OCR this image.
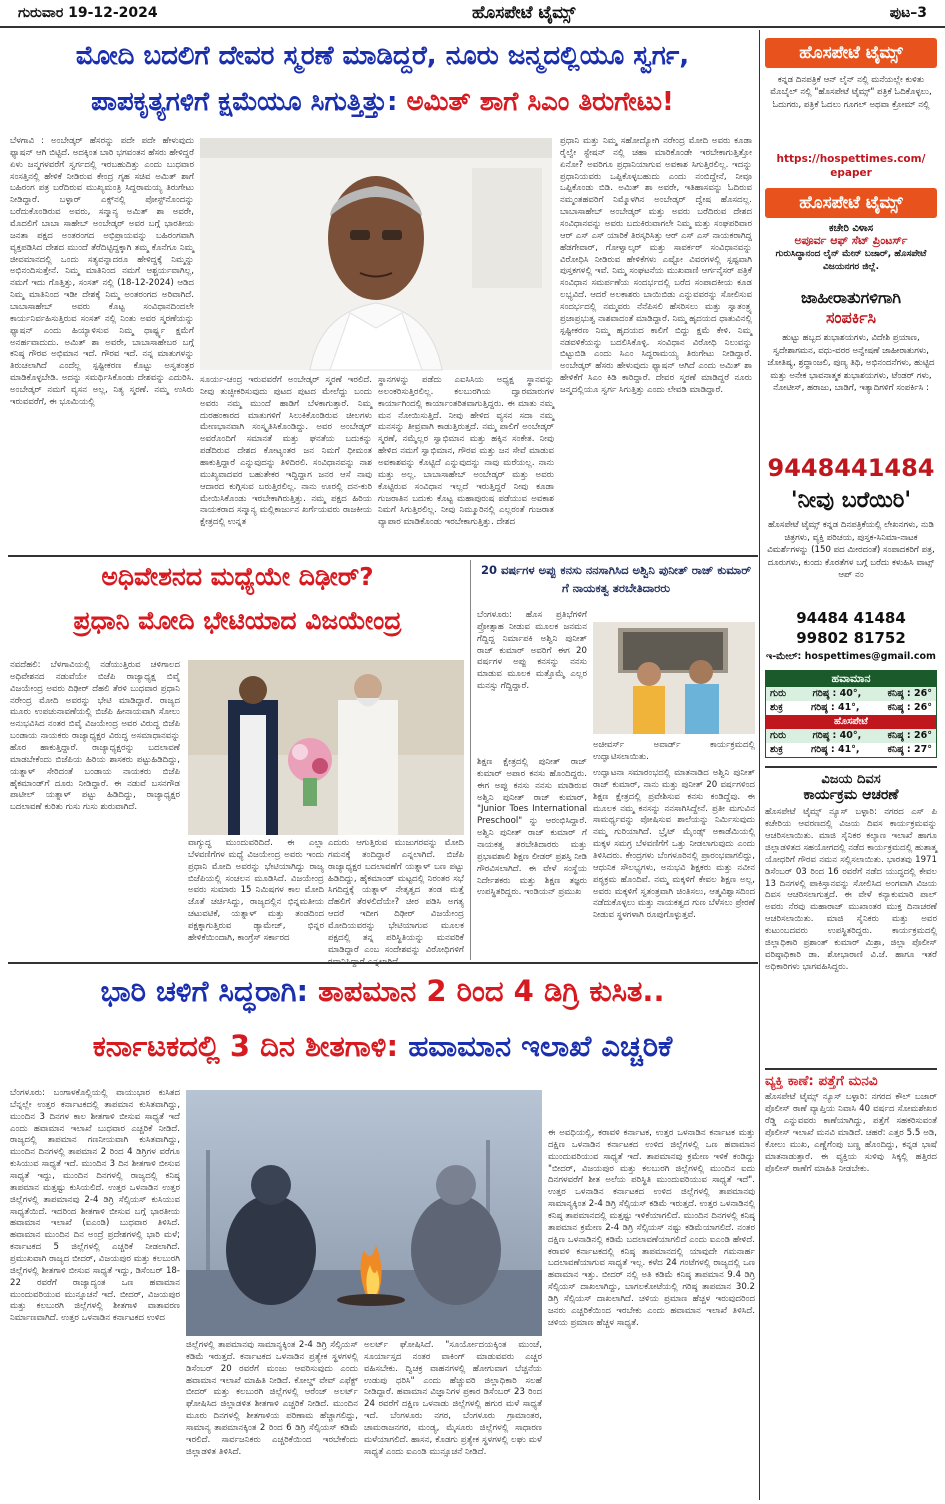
ಗುರುವಾರ 19-12-2024	ಹೊಸಪೇಟೆ ಟೈಮ್ಸ್	ಪುಟ–3
ಮೋದಿ ಬದಲಿಗೆ ದೇವರ ಸ್ಮರಣೆ ಮಾಡಿದ್ದರೆ, ನೂರು ಜನ್ಮದಲ್ಲಿಯೂ ಸ್ವರ್ಗ,
ಪಾಪಕೃತ್ಯಗಳಿಗೆ ಕ್ಷಮೆಯೂ ಸಿಗುತ್ತಿತ್ತು: ಅಮಿತ್ ಶಾಗೆ ಸಿಎಂ ತಿರುಗೇಟು!
ಬೆಳಗಾವಿ : ಅಂಬೇಡ್ಕರ್ ಹೆಸರನ್ನು ಪದೇ ಪದೇ ಹೇಳುವುದು ಫ್ಯಾಷನ್ ಆಗಿ ಬಿಟ್ಟಿದೆ. ಅದಕ್ಕಿಂತ ಬಾರಿ ಭಗವಂತನ ಹೆಸರು ಹೇಳಿದ್ದರೆ ಏಳು ಜನ್ಮಗಳವರೆಗೆ ಸ್ವರ್ಗದಲ್ಲಿ ಇರಬಹುದಿತ್ತು ಎಂದು ಬುಧವಾರ ಸಂಸತ್ತಿನಲ್ಲಿ ಹೇಳಿಕೆ ನೀಡಿರುವ ಕೇಂದ್ರ ಗೃಹ ಸಚಿವ ಅಮಿತ್ ಶಾಗೆ ಬಹಿರಂಗ ಪತ್ರ ಬರೆದಿರುವ ಮುಖ್ಯಮಂತ್ರಿ ಸಿದ್ದರಾಮಯ್ಯ ತಿರುಗೇಟು ನೀಡಿದ್ದಾರೆ. ಬಳ್ಳಾರ್ ಎಕ್ಸ್‌ನಲ್ಲಿ ಪೋಸ್ಟ್‌ನೊಂದನ್ನು ಬರೆದುಕೊಂಡಿರುವ ಅವರು, ಸನ್ಮಾನ್ಯ ಅಮಿತ್ ಶಾ ಅವರೇ, ಮೊದಲಿಗೆ ಬಾಬಾ ಸಾಹೇಬ್ ಅಂಬೇಡ್ಕರ್ ಅವರ ಬಗ್ಗೆ ಭಾರತೀಯ ಜನತಾ ಪಕ್ಷದ ಅಂತರಂಗದ ಅಭಿಪ್ರಾಯವನ್ನು ಬಹಿರಂಗವಾಗಿ ವ್ಯಕ್ತಪಡಿಸಿದ ದೇಶದ ಮುಂದೆ ತೆರೆದಿಟ್ಟಿದ್ದಕ್ಕಾಗಿ ತಮ್ಮ ಕೊನೆಗೂ ನಿಮ್ಮ ಜೀವಮಾನದಲ್ಲಿ ಒಂದು ಸತ್ಯವನ್ನಾದರೂ ಹೇಳಿದ್ದಕ್ಕೆ ನಿಮ್ಮನ್ನು ಅಭಿನಂದಿಸುತ್ತೇನೆ. ನಿಮ್ಮ ಮಾತಿನಿಂದ ನಮಗೆ ಆಶ್ಚರ್ಯವಾಗಿಲ್ಲ, ನಮಗೆ ಇದು ಗೊತ್ತಿತ್ತು, ಸಂಸತ್ ನಲ್ಲಿ (18-12-2024) ಆಡಿದ ನಿಮ್ಮ ಮಾತಿನಿಂದ ಇಡೀ ದೇಶಕ್ಕೆ ನಿಮ್ಮ ಅಂತರಂಗದ ಅರಿವಾಗಿದೆ. ಬಾಬಾಸಾಹೇಬ್ ಅವರು ಕೊಟ್ಟ ಸಂವಿಧಾನದಿಂದಲೇ ಕಾರ್ಯನಿರ್ವಹಿಸುತ್ತಿರುವ ಸಂಸತ್ ನಲ್ಲಿ ನಿಂತು ಅವರ ಸ್ಮರಣೆಯನ್ನು ಫ್ಯಾಷನ್ ಎಂದು ಹಿಯ್ಯಾಳಿಸುವ ನಿಮ್ಮ ಧಾರ್ಷ್ಟ್ಯ ಕ್ಷಮೆಗೆ ಅನರ್ಹವಾದುದು. ಅಮಿತ್ ಶಾ ಅವರೇ, ಬಾಬಾಸಾಹೇಬರ ಬಗ್ಗೆ ಕನಿಷ್ಠ ಗೌರವ ಅಭಿಮಾನ ಇದೆ. ಗೌರವ ಇದೆ. ನನ್ನ ಮಾತುಗಳನ್ನು ತಿರುಚಲಾಗಿದೆ ಎಂದೆಲ್ಲ ಸ್ಪಷ್ಟೀಕರಣ ಕೊಟ್ಟು ಅಸ್ವತಂತ್ರರ ಮಾಡಿಕೊಳ್ಳಬೇಡಿ. ಅದನ್ನು ಸಮರ್ಥಿಸಿಕೊಂಡು ದೇಶವನ್ನು ಎದುರಿಸಿ. ಅಂಬೇಡ್ಕರ್ ನಮಗೆ ವ್ಯಸನ ಅಲ್ಲ, ನಿತ್ಯ ಸ್ಮರಣೆ. ನಮ್ಮ ಉಸಿರು ಇರುವವರೆಗೆ, ಈ ಭೂಮಿಯಲ್ಲಿ
ಸೂರ್ಯ-ಚಂದ್ರ ಇರುವವರೆಗೆ ಅಂಬೇಡ್ಕರ್ ಸ್ಮರಣೆ ಇರಲಿದೆ. ನೀವು ತುಚ್ಛೀಕರಿಸುವುದು ಪುಟದ ಪುಟದ ಮೇಲೆದ್ದು ಬಂದು ಅವರು ನಮ್ಮ ಮುಂದೆ ಹಾಡಿಗೆ ಬೆಳಕಾಗುತ್ತಾರೆ. ನಿಮ್ಮ ದುರಹಂಕಾರದ ಮಾತುಗಳಿಗೆ ಸಿಲುಕಿಕೊಂಡಿರುವ ಚೀಲಗಳು ಮೇಣಭಾನವಾಗಿ ಸಂಸ್ಕೃತಿಸಿಕೊಂಡಿದ್ದು. ಅವರ ಅಂಬೇಡ್ಕರ್ ಅವರೊಂದಿಗೆ ಸಮಾನತೆ ಮತ್ತು ಘನತೆಯ ಬದುಕನ್ನು ಪಡೆದಿರುವ ದೇಶದ ಕೋಟ್ಯಂತರ ಜನ ನಿಮಗೆ ಧೀಮಂತ ಹಾಕುತ್ತಿದ್ದಾರೆ ಎನ್ನುವುದನ್ನು ತಿಳಿದಿರಲಿ. ಸಂವಿಧಾನವನ್ನು ನಾಶ ಮುಖ್ಯವಾದವರ ಬಹುತೇಕರ ಇದ್ದಿದ್ದಾಗ ಜನರ ಆಸೆ ನಾವು ಆದಾರದ ಕುಗ್ಗಿಸುವ ಬರುತ್ತಿರಲಿಲ್ಲ. ನಾನು ಊರಲ್ಲಿ ದನ-ಕುರಿ ಮೇಯಿಸಿಕೊಂಡು ಇರಬೇಕಾಗಿರುತ್ತಿತ್ತು. ನಮ್ಮ ಪಕ್ಷದ ಹಿರಿಯ ನಾಯಕರಾದ ಸನ್ಮಾನ್ಯ ಮಲ್ಲಿಕಾರ್ಜುನ ಖರ್ಗೆಯವರು ರಾಜಕೀಯ ಕ್ಷೇತ್ರದಲ್ಲಿ ಉನ್ನತ
ಸ್ಥಾನಗಳನ್ನು ಪಡೆದು ಎಐಸಿಸಿಯ ಅಧ್ಯಕ್ಷ ಸ್ಥಾನವನ್ನು ಅಲಂಕರಿಸುತ್ತಿರಲಿಲ್ಲ. ಕಲಬುರಗಿಯ ದ್ವಾರಮಾರುಗಳ ಕಾರ್ಯಾಗಿಂದಲ್ಲಿ ಕಾರ್ಯಾಂತರಿತವಾಗುತ್ತಿದ್ದರು. ಈ ಮಾತು ನಮ್ಮ ಮನ ನೋಯಿಸುತ್ತಿದೆ. ನೀವು ಹೇಳಿದ ವ್ಯಸನ ಸದಾ ನಮ್ಮ ಮನಸನ್ನು ತೀವ್ರವಾಗಿ ಕಾಡುತ್ತಿರುತ್ತದೆ. ನಮ್ಮ ಪಾಲಿಗೆ ಅಂಬೇಡ್ಕರ್ ಸ್ಮರಣೆ, ನಮ್ಮೆಲ್ಲರ ಸ್ವಾಭಿಮಾನ ಮತ್ತು ಹಕ್ಕಿನ ಸಂಕೇತ. ನೀವು ಹೇಳಿದ ನಮಗೆ ಸ್ವಾಭಿಮಾನ, ಗೌರವ ಮತ್ತು ಜನ ಸೇವೆ ಮಾಡುವ ಅವಕಾಶವನ್ನು ಕೊಟ್ಟಿದೆ ಎನ್ನುವುದನ್ನು ನಾವು ಮರೆಯಲ್ಲ. ನಾನು ಮತ್ತು ಅಲ್ಲ. ಬಾಬಾಸಾಹೇಬ್ ಅಂಬೇಡ್ಕರ್ ಮತ್ತು ಅವರು ಕೊಟ್ಟಿರುವ ಸಂವಿಧಾನ ಇಲ್ಲದೆ ಇರುತ್ತಿದ್ದರೆ ನೀವು ಕೂಡಾ ಗುಜರಾತಿನ ಬದುಕು ಕೊಟ್ಟ ಮಹಾಪುರುಷ ಪಡೆಯುವ ಅವಕಾಶ ನಿಮಗೆ ಸಿಗುತ್ತಿರಲಿಲ್ಲ. ನೀವು ನಿಮ್ಮೂರಿನಲ್ಲಿ ಎಲ್ಲರಂತೆ ಗುಜರಾತ ವ್ಯಾಪಾರ ಮಾಡಿಕೊಂಡು ಇರಬೇಕಾಗುತ್ತಿತ್ತು. ದೇಶದ
ಪ್ರಧಾನಿ ಮತ್ತು ನಿಮ್ಮ ಸಹೋದ್ಯೋಗಿ ನರೇಂದ್ರ ಮೋದಿ ಅವರು ಕೂಡಾ ರೈಲ್ವೇ ಸ್ಟೇಷನ್ ನಲ್ಲಿ ಚಹಾ ಮಾರಿಕೊಂಡೇ ಇರಬೇಕಾಗುತ್ತಿತ್ತೋ ಏನೋ? ಅವರಿಗೂ ಪ್ರಧಾನಿಯಾಗುವ ಅವಕಾಶ ಸಿಗುತ್ತಿರಲಿಲ್ಲ. ಇದನ್ನು ಪ್ರಧಾನಿಯವರು ಒಪ್ಪಿಕೊಳ್ಳಬಹುದು ಎಂದು ನಂಬಿದ್ದೇನೆ, ನೀವೂ ಒಪ್ಪಿಕೊಂಡು ಬಿಡಿ. ಅಮಿತ್ ಶಾ ಅವರೇ, ಇತಿಹಾಸವನ್ನು ಓದಿರುವ ನಮ್ಮಂತಹವರಿಗೆ ನಿಮ್ಮೊಳಗಿನ ಅಂಬೇಡ್ಕರ್ ದ್ವೇಷ ಹೊಸದಲ್ಲ. ಬಾಬಾಸಾಹೇಬ್ ಅಂಬೇಡ್ಕರ್ ಮತ್ತು ಅವರು ಬರೆದಿರುವ ದೇಶದ ಸಂವಿಧಾನವನ್ನು ಅವರು ಬದುಕಿರುವಾಗಲೇ ನಿಮ್ಮ ಮತ್ತು ಸಂಘಪರಿವಾರ ಆರ್ ಎಸ್ ಎಸ್ ಯಾರಿಕೆ ತಿರಸ್ಕರಿಸಿತ್ತು ಆರ್ ಎಸ್ ಎಸ್ ನಾಯಕರಾಗಿದ್ದ ಹೆಡಗೇವಾರ್, ಗೋಳ್ವಾಲ್ಕರ್ ಮತ್ತು ಸಾವರ್ಕರ್ ಸಂವಿಧಾನವನ್ನು ವಿರೋಧಿಸಿ ನೀಡಿರುವ ಹೇಳಿಕೆಗಳು ಎಷ್ಟೋ ವಿವರಗಳಲ್ಲಿ ಸ್ಪಷ್ಟವಾಗಿ ಪುಸ್ತಕಗಳಲ್ಲಿ ಇವೆ. ನಿಮ್ಮ ಸಂಘಟನೆಯ ಮುಖವಾಣಿ ಆರ್ಗನೈಸರ್ ಪತ್ರಿಕೆ ಸಂವಿಧಾನ ಸಮರ್ಪಣೆಯ ಸಂದರ್ಭದಲ್ಲಿ ಬರೆದ ಸಂಪಾದಕೀಯ ಕೂಡ ಲಭ್ಯವಿದೆ. ಆದರೆ ಅಲಕಾಶರು ಬಾಯಿಬಿಡು ಎನ್ನುವವರನ್ನು ಸೋಲಿಸುವ ಸಂದರ್ಭದಲ್ಲಿ ನಮ್ಮವರು ನೆನೆಪಿಸಲಿ ಹೆಸರಿಸಲು ಮತ್ತು ಸ್ವಾತಂತ್ರ್ಯ ಪ್ರಜಾಪ್ರಭುತ್ವ ನಾಶವಾದಂತೆ ಮಾಡಿದ್ದಾರೆ. ನಿಮ್ಮ ಹೃದಯದ ಧಾತುವಿನಲ್ಲಿ ಸ್ಪಷ್ಟೀಕರಣ ನಿಮ್ಮ ಹೃದಯದ ಕಾಲಿಗೆ ಬಿದ್ದು ಕ್ಷಮೆ ಕೇಳಿ. ನಿಮ್ಮ ನಡವಳಿಕೆಯನ್ನು ಬದಲಿಸಿಕೊಳ್ಳಿ. ಸಂವಿಧಾನ ವಿರೋಧಿ ನಿಲುವನ್ನು ಬಿಟ್ಟುಬಿಡಿ ಎಂದು ಸಿಎಂ ಸಿದ್ದರಾಮಯ್ಯ ತಿರುಗೇಟು ನೀಡಿದ್ದಾರೆ. ಅಂಬೇಡ್ಕರ್ ಹೆಸರು ಹೇಳುವುದು ಫ್ಯಾಷನ್ ಆಗಿದೆ ಎಂದು ಅಮಿತ್ ಶಾ ಹೇಳಿಕೆಗೆ ಸಿಎಂ ಕಿಡಿ ಕಾರಿದ್ದಾರೆ. ದೇವರ ಸ್ಮರಣೆ ಮಾಡಿದ್ದರೆ ನೂರು ಜನ್ಮದಲ್ಲಿಯೂ ಸ್ವರ್ಗ ಸಿಗುತ್ತಿತ್ತು ಎಂದು ಲೇವಡಿ ಮಾಡಿದ್ದಾರೆ.
ಅಧಿವೇಶನದ ಮಧ್ಯೆಯೇ ದಿಢೀರ್?
ಪ್ರಧಾನಿ ಮೋದಿ ಭೇಟಿಯಾದ ವಿಜಯೇಂದ್ರ
ನವದೆಹಲಿ: ಬೆಳಗಾವಿಯಲ್ಲಿ ನಡೆಯುತ್ತಿರುವ ಚಳಿಗಾಲದ ಅಧಿವೇಶನದ ನಡುವೆಯೇ ಬಿಜೆಪಿ ರಾಜ್ಯಾಧ್ಯಕ್ಷ ಬಿವೈ ವಿಜಯೇಂದ್ರ ಅವರು ದಿಢೀರ್ ದೆಹಲಿ ತೆರಳಿ ಬುಧವಾರ ಪ್ರಧಾನಿ ನರೇಂದ್ರ ಮೋದಿ ಅವರನ್ನು ಭೇಟಿ ಮಾಡಿದ್ದಾರೆ. ರಾಜ್ಯದ ಮೂರು ಉಪಚುನಾವಣೆಯಲ್ಲಿ ಬಿಜೆಪಿ ಹೀನಾಯವಾಗಿ ಸೋಲು ಅನುಭವಿಸಿದ ನಂತರ ಬಿವೈ ವಿಜಯೇಂದ್ರ ಅವರ ವಿರುದ್ಧ ಬಿಜೆಪಿ ಬಂಡಾಯ ನಾಯಕರು ರಾಜ್ಯಾಧ್ಯಕ್ಷರ ವಿರುದ್ಧ ಅಸಮಾಧಾನವನ್ನು ಹೊರ ಹಾಕುತ್ತಿದ್ದಾರೆ. ರಾಜ್ಯಾಧ್ಯಕ್ಷರನ್ನು ಬದಲಾವಣೆ ಮಾಡಬೇಕೆಂದು ಬಿಜೆಪಿಯ ಹಿರಿಯ ಶಾಸಕರು ಪಟ್ಟುಹಿಡಿದಿದ್ದು, ಯತ್ನಾಳ್ ಸೇರಿದಂತೆ ಬಂಡಾಯ ನಾಯಕರು ಬಿಜೆಪಿ ಹೈಕಮಾಂಡ್‌ಗೆ ದೂರು ನೀಡಿದ್ದಾರೆ. ಈ ನಡುವೆ ಬಸನಗೌಡ ಪಾಟೀಲ್ ಯತ್ನಾಳ್ ಪಟ್ಟು ಹಿಡಿದಿದ್ದು, ರಾಜ್ಯಾಧ್ಯಕ್ಷರ ಬದಲಾವಣೆ ಕುರಿತು ಗುಸು ಗುಸು ಶುರುವಾಗಿದೆ.
ವಾಗ್ಯುದ್ಧ ಮುಂದುವರಿದಿದೆ. ಈ ಎಲ್ಲಾ ಬೆಳವಣಿಗೆಗಳ ಮಧ್ಯೆ ವಿಜಯೇಂದ್ರ ಅವರು ಇಂದು ಪ್ರಧಾನಿ ಮೋದಿ ಅವರನ್ನು ಭೇಟಿಯಾಗಿದ್ದು ರಾಜ್ಯ ಬಿಜೆಪಿಯಲ್ಲಿ ಸಂಚಲನ ಮೂಡಿಸಿದೆ. ವಿಜಯೇಂದ್ರ ಅವರು ಸುಮಾರು 15 ನಿಮಿಷಗಳ ಕಾಲ ಮೋದಿ ಜೊತೆ ಚರ್ಚಿಸಿದ್ದು, ರಾಜ್ಯದಲ್ಲಿನ ಭಿನ್ನಮತೀಯ ಚಟುವಟಿಕೆ, ಯತ್ನಾಳ್ ಮತ್ತು ತಂಡದಿಂದ ಪಕ್ಷಕ್ಕಾಗುತ್ತಿರುವ ಡ್ಯಾಮೇಜ್, ಭಿನ್ನರ ಹೇಳಿಕೆಯಿಂದಾಗಿ, ಕಾಂಗ್ರೆಸ್ ಸರ್ಕಾರದ
ಎದುರು ಆಗುತ್ತಿರುವ ಮುಜುಗರವನ್ನು ಮೋದಿ ಗಮನಕ್ಕೆ ತಂದಿದ್ದಾರೆ ಎನ್ನಲಾಗಿದೆ. ಬಿಜೆಪಿ ರಾಜ್ಯಾಧ್ಯಕ್ಷರ ಬದಲಾವಣೆಗೆ ಯತ್ನಾಳ್ ಬಣ ಪಟ್ಟು ಹಿಡಿದಿದ್ದು, ಹೈಕಮಾಂಡ್ ಮಟ್ಟದಲ್ಲಿ ನಿರಂತರ ಸಭೆ ಸಿಗದಿದ್ದಕ್ಕೆ ಯತ್ನಾಳ್ ನೇತೃತ್ವದ ತಂಡ ಮತ್ತೆ ದೆಹಲಿಗೆ ತೆರಳಲಿದೆಯೇ? ಚೀರ ಪಡಿಸಿ ಅಗತ್ಯ ಆದರೆ ಇದೀಗ ದಿಢೀರ್ ವಿಜಯೇಂದ್ರ ಮೋದಿಯವರನ್ನು ಭೇಟಿಯಾಗುವ ಮೂಲಕ ಪಕ್ಷದಲ್ಲಿ ತನ್ನ ಪರಿಸ್ಥಿತಿಯನ್ನು ಮನವರಿಕೆ ಮಾಡಿದ್ದಾರೆ ಎಂಬ ಸಂದೇಶವನ್ನು ವಿರೋಧಿಗಳಿಗೆ
20 ವರ್ಷಗಳ ಅಪ್ಪು ಕನಸು ನನಸಾಗಿಸಿದ ಅಶ್ವಿನಿ ಪುನೀತ್ ರಾಜ್ ಕುಮಾರ್ ಗೆ ನಾಯಕತ್ವ ತರಬೇತಿದಾರರು
ಬೆಂಗಳೂರು: ಹೊಸ ಪ್ರತಿಭೆಗಳಿಗೆ ಪ್ರೋತ್ಸಾಹ ನೀಡುವ ಮೂಲಕ ಜನಮನ ಗೆದ್ದಿದ್ದ ನಿರ್ಮಾಪಕಿ ಅಶ್ವಿನಿ ಪುನೀತ್ ರಾಜ್ ಕುಮಾರ್ ಅವರಿಗೆ ಈಗ 20 ವರ್ಷಗಳ ಅಪ್ಪು ಕನಸನ್ನು ನನಸು ಮಾಡುವ ಮೂಲಕ ಮತ್ತೊಮ್ಮೆ ಎಲ್ಲರ ಮನಸ್ಸು ಗೆದ್ದಿದ್ದಾರೆ.
ಶಿಕ್ಷಣ ಕ್ಷೇತ್ರದಲ್ಲಿ ಪುನೀತ್ ರಾಜ್ ಕುಮಾರ್ ಅಪಾರ ಕನಸು ಹೊಂದಿದ್ದರು. ಈಗ ಅಪ್ಪು ಕನಸು ನನಸು ಮಾಡಿರುವ ಅಶ್ವಿನಿ ಪುನೀತ್ ರಾಜ್ ಕುಮಾರ್, "Junior Toes International Preschool" ನ್ನು ಆರಂಭಿಸಿದ್ದಾರೆ. ಅಶ್ವಿನಿ ಪುನೀತ್ ರಾಜ್ ಕುಮಾರ್ ಗೆ ನಾಯಕತ್ವ ತರಬೇತಿದಾರರು ಮತ್ತು ಪ್ರಭಾವಶಾಲಿ ಶಿಕ್ಷಣ ಲೀಡರ್ ಪ್ರಶಸ್ತಿ ನೀಡಿ ಗೌರವಿಸಲಾಗಿದೆ. ಈ ವೇಳೆ ಸಂಸ್ಥೆಯ ನಿರ್ದೇಶಕರು ಮತ್ತು ಶಿಕ್ಷಣ ತಜ್ಞರು ಉಪಸ್ಥಿತರಿದ್ದರು. ಇಂಡಿಯನ್ ಪ್ರಮುಖ
ಅಚೀವರ್ಸ್ ಅವಾರ್ಡ್ ಕಾರ್ಯಕ್ರಮದಲ್ಲಿ ಉದ್ಘಾಟಿಸಲಾಯಿತು.
ಉದ್ಘಾಟನಾ ಸಮಾರಂಭದಲ್ಲಿ ಮಾತನಾಡಿದ ಅಶ್ವಿನಿ ಪುನೀತ್ ರಾಜ್ ಕುಮಾರ್, ನಾನು ಮತ್ತು ಪುನೀತ್ 20 ವರ್ಷಗಳಿಂದ ಶಿಕ್ಷಣ ಕ್ಷೇತ್ರದಲ್ಲಿ ಪ್ರವೇಶಿಸುವ ಕನಸು ಕಂಡಿದ್ದೆವು. ಈ ಮೂಲಕ ನಮ್ಮ ಕನಸನ್ನು ನನಸಾಗಿಸಿದ್ದೇನೆ. ಪ್ರತೀ ಮಗುವಿನ ಸಾಮರ್ಥ್ಯವನ್ನು ಪೋಷಿಸುವ ಶಾಲೆಯನ್ನು ನಿರ್ಮಿಸುವುದು ನಮ್ಮ ಗುರಿಯಾಗಿದೆ. ಬ್ರೈಟ್ ಮೈಂಡ್ಸ್ ಅಕಾಡೆಮಿಯಲ್ಲಿ ಮಕ್ಕಳ ಸಮಗ್ರ ಬೆಳವಣಿಗೆಗೆ ಒತ್ತು ನೀಡಲಾಗುವುದು ಎಂದು ತಿಳಿಸಿದರು. ಕೇಂದ್ರಗಳು ಬೆಂಗಳೂರಿನಲ್ಲಿ ಪ್ರಾರಂಭವಾಗಲಿದ್ದು, ಆಧುನಿಕ ಸೌಲಭ್ಯಗಳು, ಅನುಭವಿ ಶಿಕ್ಷಕರು ಮತ್ತು ನವೀನ ಪಠ್ಯಕ್ರಮ ಹೊಂದಿವೆ. ನಮ್ಮ ಮಕ್ಕಳಿಗೆ ಕೇವಲ ಶಿಕ್ಷಣ ಅಲ್ಲ, ಅವರು ಮಕ್ಕಳಿಗೆ ಸ್ವತಂತ್ರವಾಗಿ ಚಿಂತಿಸಲು, ಆತ್ಮವಿಶ್ವಾಸದಿಂದ ನಡೆದುಕೊಳ್ಳಲು ಮತ್ತು ನಾಯಕತ್ವದ ಗುಣ ಬೆಳೆಸಲು ಪ್ರೇರಣೆ ನೀಡುವ ಸ್ಥಳಗಳಾಗಿ ರೂಪುಗೊಳ್ಳುತ್ತವೆ.
ಭಾರಿ ಚಳಿಗೆ ಸಿದ್ಧರಾಗಿ: ತಾಪಮಾನ 2 ರಿಂದ 4 ಡಿಗ್ರಿ ಕುಸಿತ..
ಕರ್ನಾಟಕದಲ್ಲಿ 3 ದಿನ ಶೀತಗಾಳಿ: ಹವಾಮಾನ ಇಲಾಖೆ ಎಚ್ಚರಿಕೆ
ಬೆಂಗಳೂರು: ಬಂಗಾಳಕೊಲ್ಲಿಯಲ್ಲಿ ವಾಯುಭಾರ ಕುಸಿತದ ಬೆನ್ನಲ್ಲೇ ಉತ್ತರ ಕರ್ನಾಟಕದಲ್ಲಿ ತಾಪಮಾನ ಕುಸಿತವಾಗಿದ್ದು, ಮುಂದಿನ 3 ದಿನಗಳ ಕಾಲ ಶೀತಗಾಳಿ ಬೀಸುವ ಸಾಧ್ಯತೆ ಇದೆ ಎಂದು ಹವಾಮಾನ ಇಲಾಖೆ ಬುಧವಾರ ಎಚ್ಚರಿಕೆ ನೀಡಿದೆ. ರಾಜ್ಯದಲ್ಲಿ ತಾಪಮಾನ ಗಣನೀಯವಾಗಿ ಕುಸಿತವಾಗಿದ್ದು, ಮುಂದಿನ ದಿನಗಳಲ್ಲಿ ತಾಪಮಾನ 2 ರಿಂದ 4 ಡಿಗ್ರಿಗಳ ವರೆಗೂ ಕುಸಿಯುವ ಸಾಧ್ಯತೆ ಇದೆ. ಮುಂದಿನ 3 ದಿನ ಶೀತಗಾಳಿ ಬೀಸುವ ಸಾಧ್ಯತೆ ಇದ್ದು, ಮುಂದಿನ ದಿನಗಳಲ್ಲಿ ರಾಜ್ಯದಲ್ಲಿ ಕನಿಷ್ಠ ತಾಪಮಾನ ಮತ್ತಷ್ಟು ಕುಸಿಯಲಿದೆ. ಉತ್ತರ ಒಳನಾಡಿನ ಉತ್ತರ ಜಿಲ್ಲೆಗಳಲ್ಲಿ ತಾಪಮಾನವು 2-4 ಡಿಗ್ರಿ ಸೆಲ್ಸಿಯಸ್ ಕುಸಿಯುವ ಸಾಧ್ಯತೆಯಿದೆ. ಇದರಿಂದ ಶೀತಗಾಳಿ ಬೀಸುವ ಬಗ್ಗೆ ಭಾರತೀಯ ಹವಾಮಾನ ಇಲಾಖೆ (ಐಎಂಡಿ) ಬುಧವಾರ ತಿಳಿಸಿದೆ. ಹವಾಮಾನ ಮುಂದಿನ ದಿನ ಅಂದ್ರೆ ಪ್ರದೇಶಗಳಲ್ಲಿ ಭಾರಿ ಮಳೆ; ಕರ್ನಾಟಕದ 5 ಜಿಲ್ಲೆಗಳಲ್ಲಿ ಎಚ್ಚರಿಕೆ ನೀಡಲಾಗಿದೆ. ಪ್ರಮುಖವಾಗಿ ರಾಜ್ಯದ ಬೀದರ್, ವಿಜಯಪುರ ಮತ್ತು ಕಲಬುರಗಿ ಜಿಲ್ಲೆಗಳಲ್ಲಿ ಶೀತಗಾಳಿ ಬೀಸುವ ಸಾಧ್ಯತೆ ಇದ್ದು, ಡಿಸೆಂಬರ್ 18-22 ರವರೆಗೆ ರಾಜ್ಯಾದ್ಯಂತ ಒಣ ಹವಾಮಾನ ಮುಂದುವರಿಯುವ ಮುನ್ಸೂಚನೆ ಇದೆ. ಬೀದರ್, ವಿಜಯಪುರ ಮತ್ತು ಕಲಬುರಗಿ ಜಿಲ್ಲೆಗಳಲ್ಲಿ ಶೀತಗಾಳಿ ವಾತಾವರಣ ನಿರ್ಮಾಣವಾಗಿದೆ. ಉತ್ತರ ಒಳನಾಡಿನ ಕರ್ನಾಟಕದ ಉಳಿದ
ಜಿಲ್ಲೆಗಳಲ್ಲಿ ತಾಪಮಾನವು ಸಾಮಾನ್ಯಕ್ಕಿಂತ 2-4 ಡಿಗ್ರಿ ಸೆಲ್ಸಿಯಸ್ ಕಡಿಮೆ ಇರುತ್ತದೆ. ಕರ್ನಾಟಕದ ಒಳನಾಡಿನ ಪ್ರತ್ಯೇಕ ಸ್ಥಳಗಳಲ್ಲಿ ಡಿಸೆಂಬರ್ 20 ರವರೆಗೆ ಮಂಜು ಆವರಿಸುವುದು ಎಂದು ಹವಾಮಾನ ಇಲಾಖೆ ಮಾಹಿತಿ ನೀಡಿದೆ. ಕೋಲ್ಡ್ ವೇವ್ ಎಫೆಕ್ಟ್ ಬೀದರ್ ಮತ್ತು ಕಲಬುರಗಿ ಜಿಲ್ಲೆಗಳಲ್ಲಿ ಆರೆಂಜ್ ಅಲರ್ಟ್ ಘೋಷಿಸಿದ ಜಿಲ್ಲಾಡಳಿತ ಶೀತಗಾಳಿ ಎಚ್ಚರಿಕೆ ನೀಡಿದೆ. ಮುಂದಿನ ಮೂರು ದಿನಗಳಲ್ಲಿ ಶೀತಗಾಳಿಯ ಪರಿಣಾಮ ಹೆಚ್ಚಾಗಲಿದ್ದು, ಸಾಮಾನ್ಯ ತಾಪಮಾನಕ್ಕಿಂತ 2 ರಿಂದ 6 ಡಿಗ್ರಿ ಸೆಲ್ಸಿಯಸ್ ಕಡಿಮೆ ಇರಲಿದೆ. ಸಾರ್ವಜನಿಕರು ಎಚ್ಚರಿಕೆಯಿಂದ ಇರಬೇಕೆಂದು ಜಿಲ್ಲಾಡಳಿತ ತಿಳಿಸಿದೆ.
ಅಲರ್ಟ್ ಘೋಷಿಸಿದೆ. "ಸೂರ್ಯೋದಯಕ್ಕಿಂತ ಮುಂಚೆ, ಸೂರ್ಯಾಸ್ತದ ನಂತರ ವಾಕಿಂಗ್ ಮಾಡುವವರು ಎಚ್ಚರ ವಹಿಸಬೇಕು. ದ್ವಿಚಕ್ರ ವಾಹನಗಳಲ್ಲಿ ಹೋಗುವಾಗ ಬೆಚ್ಚನೆಯ ಉಡುಪು ಧರಿಸಿ" ಎಂದು ಹೆಚ್ಚುವರಿ ಜಿಲ್ಲಾಧಿಕಾರಿ ಸಲಹೆ ನೀಡಿದ್ದಾರೆ. ಹವಾಮಾನ ವಿಜ್ಞಾನಿಗಳ ಪ್ರಕಾರ ಡಿಸೆಂಬರ್ 23 ರಿಂದ 24 ರವರೆಗೆ ದಕ್ಷಿಣ ಒಳನಾಡು ಜಿಲ್ಲೆಗಳಲ್ಲಿ ಹಗುರ ಮಳೆ ಸಾಧ್ಯತೆ ಇದೆ. ಬೆಂಗಳೂರು ನಗರ, ಬೆಂಗಳೂರು ಗ್ರಾಮಾಂತರ, ಚಾಮರಾಜನಗರ, ಮಂಡ್ಯ, ಮೈಸೂರು ಜಿಲ್ಲೆಗಳಲ್ಲಿ ಸಾಧಾರಣ ಮಳೆಯಾಗಲಿದೆ. ಹಾಸನ, ಕೊಡಗು ಪ್ರತ್ಯೇಕ ಸ್ಥಳಗಳಲ್ಲಿ ಲಘು ಮಳೆ ಸಾಧ್ಯತೆ ಎಂದು ಐಎಂಡಿ ಮುನ್ಸೂಚನೆ ನೀಡಿದೆ.
ಈ ಅವಧಿಯಲ್ಲಿ, ಕರಾವಳಿ ಕರ್ನಾಟಕ, ಉತ್ತರ ಒಳನಾಡಿನ ಕರ್ನಾಟಕ ಮತ್ತು ದಕ್ಷಿಣ ಒಳನಾಡಿನ ಕರ್ನಾಟಕದ ಉಳಿದ ಜಿಲ್ಲೆಗಳಲ್ಲಿ ಒಣ ಹವಾಮಾನ ಮುಂದುವರಿಯುವ ಸಾಧ್ಯತೆ ಇದೆ. ತಾಪಮಾನವು ಕ್ರಮೇಣ ಇಳಿಕೆ ಕಂಡಿದ್ದು "ಬೀದರ್, ವಿಜಯಪುರ ಮತ್ತು ಕಲಬುರಗಿ ಜಿಲ್ಲೆಗಳಲ್ಲಿ ಮುಂದಿನ ಐದು ದಿನಗಳವರೆಗೆ ಶೀತ ಅಲೆಯ ಪರಿಸ್ಥಿತಿ ಮುಂದುವರಿಯುವ ಸಾಧ್ಯತೆ ಇದೆ". ಉತ್ತರ ಒಳನಾಡಿನ ಕರ್ನಾಟಕದ ಉಳಿದ ಜಿಲ್ಲೆಗಳಲ್ಲಿ ತಾಪಮಾನವು ಸಾಮಾನ್ಯಕ್ಕಿಂತ 2-4 ಡಿಗ್ರಿ ಸೆಲ್ಸಿಯಸ್ ಕಡಿಮೆ ಇರುತ್ತದೆ. ಉತ್ತರ ಒಳನಾಡಿನಲ್ಲಿ ಕನಿಷ್ಠ ತಾಪಮಾನದಲ್ಲಿ ಮತ್ತಷ್ಟು ಇಳಿಕೆಯಾಗಲಿದೆ. ಮುಂದಿನ ದಿನಗಳಲ್ಲಿ ಕನಿಷ್ಠ ತಾಪಮಾನ ಕ್ರಮೇಣ 2-4 ಡಿಗ್ರಿ ಸೆಲ್ಸಿಯಸ್ ನಷ್ಟು ಕಡಿಮೆಯಾಗಲಿದೆ. ನಂತರ ದಕ್ಷಿಣ ಒಳನಾಡಿನಲ್ಲಿ ಕಡಿಮೆ ಬದಲಾವಣೆಯಾಗಲಿದೆ ಎಂದು ಐಎಂಡಿ ಹೇಳಿದೆ. ಕರಾವಳಿ ಕರ್ನಾಟಕದಲ್ಲಿ ಕನಿಷ್ಠ ತಾಪಮಾನದಲ್ಲಿ ಯಾವುದೇ ಗಮನಾರ್ಹ ಬದಲಾವಣೆಯಾಗುವ ಸಾಧ್ಯತೆ ಇಲ್ಲ. ಕಳೆದ 24 ಗಂಟೆಗಳಲ್ಲಿ ರಾಜ್ಯದಲ್ಲಿ ಒಣ ಹವಾಮಾನ ಇತ್ತು. ಬೀದರ್ ನಲ್ಲಿ ಅತಿ ಕಡಿಮೆ ಕನಿಷ್ಠ ತಾಪಮಾನ 9.4 ಡಿಗ್ರಿ ಸೆಲ್ಸಿಯಸ್ ದಾಖಲಾಗಿದ್ದು, ಬಾಗಲಕೋಟೆಯಲ್ಲಿ ಗರಿಷ್ಠ ತಾಪಮಾನ 30.2 ಡಿಗ್ರಿ ಸೆಲ್ಸಿಯಸ್ ದಾಖಲಾಗಿದೆ. ಚಳಿಯ ಪ್ರಮಾಣ ಹೆಚ್ಚಳ ಇರುವುದರಿಂದ ಜನರು ಎಚ್ಚರಿಕೆಯಿಂದ ಇರಬೇಕು ಎಂದು ಹವಾಮಾನ ಇಲಾಖೆ ತಿಳಿಸಿದೆ. ಚಳಿಯ ಪ್ರಮಾಣ ಹೆಚ್ಚಳ ಸಾಧ್ಯತೆ.
ಹೊಸಪೇಟೆ ಟೈಮ್ಸ್
ಕನ್ನಡ ದಿನಪತ್ರಿಕೆ ಆನ್ ಲೈನ್ ನಲ್ಲಿ ಮನೆಯಲ್ಲೇ ಕುಳಿತು ಮೊಬೈಲ್ ನಲ್ಲಿ "ಹೊಸಪೇಟೆ ಟೈಮ್ಸ್" ಪತ್ರಿಕೆ ಓದಿಕೊಳ್ಳಲು, ಓದುಗರು, ಪತ್ರಿಕೆ ಓದಲು ಗೂಗಲ್ ಅಥವಾ ಕ್ರೋಮ್ ನಲ್ಲಿ
https://hospettimes.com/ epaper
ಹೊಸಪೇಟೆ ಟೈಮ್ಸ್
ಕಚೇರಿ ವಿಳಾಸ
ಅಪೂರ್ವ ಆಫ್ ಸೆಟ್ ಪ್ರಿಂಟರ್ಸ್
ಗುರುಸಿದ್ಧಾನಂದ ಲೈನ್ ಮೇನ್ ಬಜಾರ್, ಹೊಸಪೇಟೆ ವಿಜಯನಗರ ಜಿಲ್ಲೆ.
ಜಾಹೀರಾತುಗಳಿಗಾಗಿ
ಸಂಪರ್ಕಿಸಿ
ಹುಟ್ಟು ಹಬ್ಬದ ಶುಭಾಶಯಗಳು, ವಿದೇಶಿ ಪ್ರಯಾಣ, ಸ್ವದೇಶಾಗಮನ, ವಧು-ವರರ ಅನ್ವೇಷಣೆ ಜಾಹೀರಾತುಗಳು, ಜೋತಿಷ್ಯ, ಶ್ರದ್ಧಾಂಜಲಿ, ಪುಣ್ಯ ತಿಥಿ, ಅಭಿನಂದನೆಗಳು, ಹುಟ್ಟಿದ ಮತ್ತು ಅನೇಕ ಭಾವನಾತ್ಮಕ ಶುಭಾಶಯಗಳು, ಟೆಂಡರ್ ಗಳು, ನೋಟೀಸ್, ಹರಾಜು, ಬಾಡಿಗೆ, ಇತ್ಯಾದಿಗಳಿಗೆ ಸಂಪರ್ಕಿಸಿ :
9448441484
'ನೀವು ಬರೆಯಿರಿ'
ಹೊಸಪೇಟೆ ಟೈಮ್ಸ್ ಕನ್ನಡ ದಿನಪತ್ರಿಕೆಯಲ್ಲಿ ಲೇಖನಗಳು, ನುಡಿ ಚಿತ್ರಗಳು, ವ್ಯಕ್ತಿ ಪರಿಚಯ, ಪುಸ್ತಕ-ಸಿನಿಮಾ-ನಾಟಕ ವಿಮರ್ಶೆಗಳನ್ನು (150 ಪದ ಮೀರದಂತೆ) ಸಂಪಾದಕರಿಗೆ ಪತ್ರ, ದೂರುಗಳು, ಕುಂದು ಕೊರತೆಗಳ ಬಗ್ಗೆ ಬರೆದು ಕಳುಹಿಸಿ ವಾಟ್ಸ್ ಆಪ್ ನಂ
94484 41484
99802 81752
ಇ-ಮೇಲ್: hospettimes@gmail.com
ಹವಾಮಾನ
ಗುರು	ಗರಿಷ್ಠ : 40°,	ಕನಿಷ್ಠ : 26°
ಶುಕ್ರ	ಗರಿಷ್ಠ : 41°,	ಕನಿಷ್ಠ : 26°
ಹೊಸಪೇಟೆ
ಗುರು	ಗರಿಷ್ಠ : 40°,	ಕನಿಷ್ಠ : 26°
ಶುಕ್ರ	ಗರಿಷ್ಠ : 41°,	ಕನಿಷ್ಠ : 27°
ವಿಜಯ ದಿವಸ
ಕಾರ್ಯಕ್ರಮ ಆಚರಣೆ
ಹೊಸಪೇಟೆ ಟೈಮ್ಸ್ ನ್ಯೂಸ್ ಬಳ್ಳಾರಿ: ನಗರದ ಎಸ್ ಪಿ ಕಚೇರಿಯ ಆವರಣದಲ್ಲಿ ವಿಜಯ ದಿವಸ ಕಾರ್ಯಕ್ರಮವನ್ನು ಆಚರಿಸಲಾಯಿತು. ಮಾಜಿ ಸೈನಿಕರ ಕಲ್ಯಾಣ ಇಲಾಖೆ ಹಾಗೂ ಜಿಲ್ಲಾಡಳಿತದ ಸಹಯೋಗದಲ್ಲಿ ನಡೆದ ಕಾರ್ಯಕ್ರಮದಲ್ಲಿ ಹುತಾತ್ಮ ಯೋಧರಿಗೆ ಗೌರವ ನಮನ ಸಲ್ಲಿಸಲಾಯಿತು. ಭಾರತವು 1971 ಡಿಸೆಂಬರ್ 03 ರಿಂದ 16 ರವರೆಗೆ ನಡೆದ ಯುದ್ಧದಲ್ಲಿ ಕೇವಲ 13 ದಿನಗಳಲ್ಲಿ ಪಾಕಿಸ್ತಾನವನ್ನು ಸೋಲಿಸಿದ ಅಂಗವಾಗಿ ವಿಜಯ ದಿವಸ ಆಚರಿಸಲಾಗುತ್ತದೆ. ಈ ವೇಳೆ ಕನ್ಯಾಕುಮಾರಿ ಪಾಲ್ ಅವರು ನೆರವು ಮಹಾರಾಜ್ ಮುಖಾಂತರ ಮುಕ್ತ ದಿನಾಚರಣೆ ಆಚರಿಸಲಾಯಿತು. ಮಾಜಿ ಸೈನಿಕರು ಮತ್ತು ಅವರ ಕುಟುಂಬದವರು ಉಪಸ್ಥಿತರಿದ್ದರು. ಕಾರ್ಯಕ್ರಮದಲ್ಲಿ ಜಿಲ್ಲಾಧಿಕಾರಿ ಪ್ರಶಾಂತ್ ಕುಮಾರ್ ಮಿಶ್ರಾ, ಜಿಲ್ಲಾ ಪೊಲೀಸ್ ವರಿಷ್ಠಾಧಿಕಾರಿ ಡಾ. ಶೋಭಾರಾಣಿ ವಿ.ಜೆ. ಹಾಗೂ ಇತರೆ ಅಧಿಕಾರಿಗಳು ಭಾಗವಹಿಸಿದ್ದರು.
ವ್ಯಕ್ತಿ ಕಾಣೆ: ಪತ್ತೆಗೆ ಮನವಿ
ಹೊಸಪೇಟೆ ಟೈಮ್ಸ್ ನ್ಯೂಸ್ ಬಳ್ಳಾರಿ: ನಗರದ ಕೌಲ್ ಬಜಾರ್ ಪೊಲೀಸ್ ಠಾಣೆ ವ್ಯಾಪ್ತಿಯ ನಿವಾಸಿ 40 ವರ್ಷದ ಸೋಮಶೇಖರ ರೆಡ್ಡಿ ಎನ್ನುವವರು ಕಾಣೆಯಾಗಿದ್ದು, ಪತ್ತೆಗೆ ಸಹಕರಿಸುವಂತೆ ಪೊಲೀಸ್ ಇಲಾಖೆ ಮನವಿ ಮಾಡಿದೆ. ಚಹರೆ: ಎತ್ತರ 5.5 ಅಡಿ, ಕೋಲು ಮುಖ, ಎಣ್ಣೆಗೆಂಪು ಬಣ್ಣ ಹೊಂದಿದ್ದು, ಕನ್ನಡ ಭಾಷೆ ಮಾತನಾಡುತ್ತಾರೆ. ಈ ವ್ಯಕ್ತಿಯ ಸುಳಿವು ಸಿಕ್ಕಲ್ಲಿ ಹತ್ತಿರದ ಪೊಲೀಸ್ ಠಾಣೆಗೆ ಮಾಹಿತಿ ನೀಡಬೇಕು.
